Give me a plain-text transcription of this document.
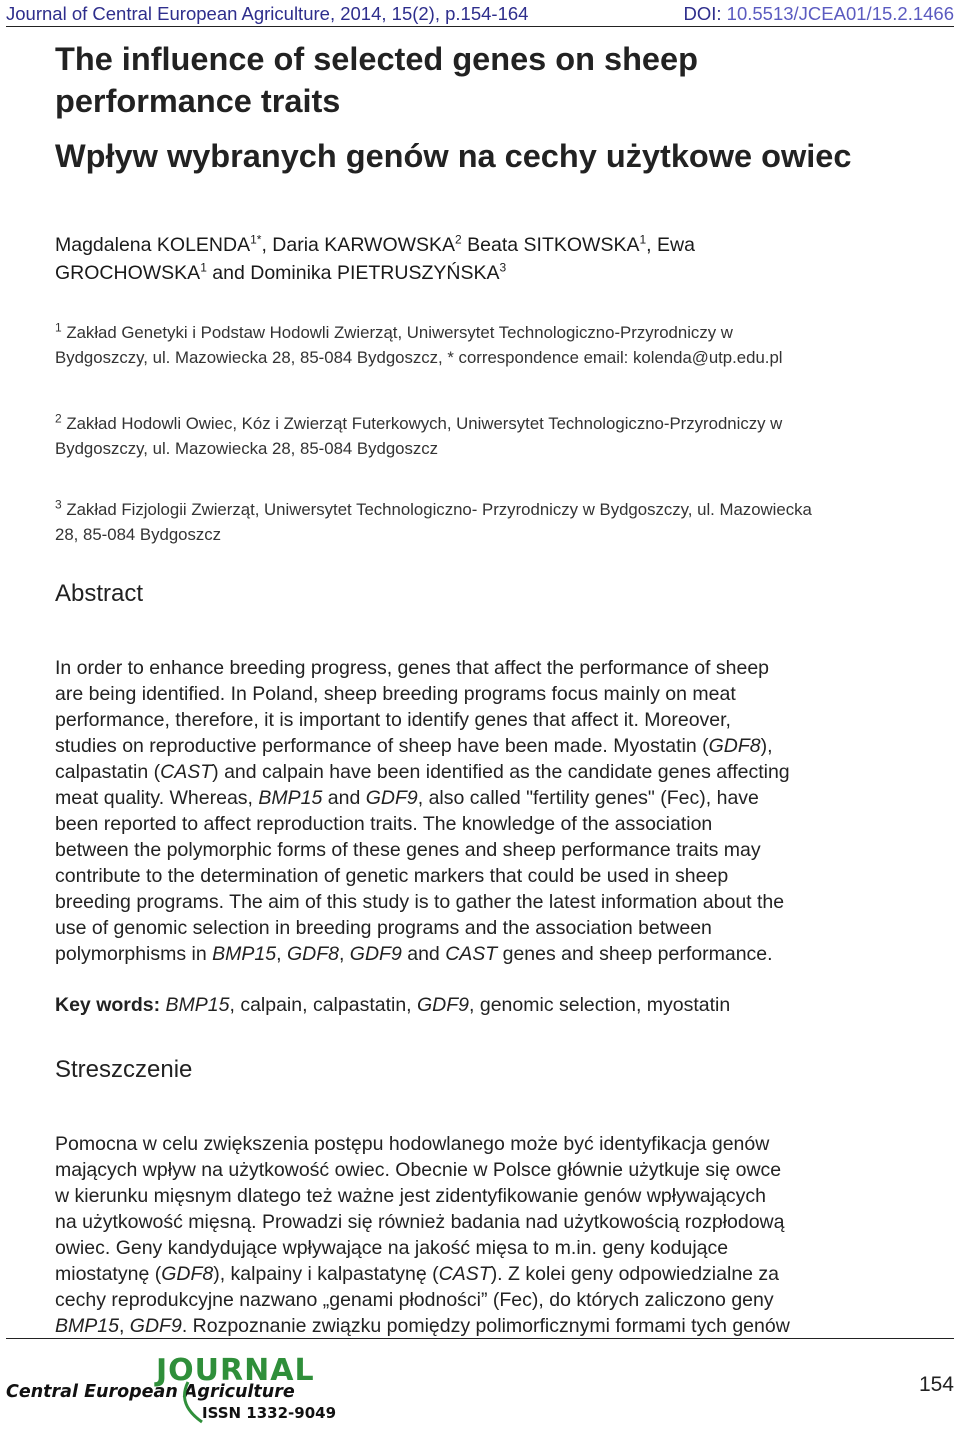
Journal of Central European Agriculture, 2014, 15(2), p.154-164	DOI: 10.5513/JCEA01/15.2.1466
The influence of selected genes on sheep
performance traits
Wpływ wybranych genów na cechy użytkowe owiec
Magdalena $KOLENDA^{1*}$, Daria KARWOWSKA$^2$ Beata SITKOWSKA$^1$, Ewa
GROCHOWSKA$^1$ and Dominika PIETRUSZYŃSKA$^3$
$^1$ Zakład Genetyki i Podstaw Hodowli Zwierząt, Uniwersytet Technologiczno-Przyrodniczy w
Bydgoszczy, ul. Mazowiecka 28, 85-084 Bydgoszcz, * correspondence email: kolenda@utp.edu.pl
$^2$ Zakład Hodowli Owiec, Kóz i Zwierząt Futerkowych, Uniwersytet Technologiczno-Przyrodniczy w
Bydgoszczy, ul. Mazowiecka 28, 85-084 Bydgoszcz
$^3$ Zakład Fizjologii Zwierząt, Uniwersytet Technologiczno- Przyrodniczy w Bydgoszczy, ul. Mazowiecka
28, 85-084 Bydgoszcz
Abstract
In order to enhance breeding progress, genes that affect the performance of sheep
are being identified. In Poland, sheep breeding programs focus mainly on meat
performance, therefore, it is important to identify genes that affect it. Moreover,
studies on reproductive performance of sheep have been made. Myostatin (GDF8),
calpastatin (CAST) and calpain have been identified as the candidate genes affecting
meat quality. Whereas, BMP15 and GDF9, also called "fertility genes" (Fec), have
been reported to affect reproduction traits. The knowledge of the association
between the polymorphic forms of these genes and sheep performance traits may
contribute to the determination of genetic markers that could be used in sheep
breeding programs. The aim of this study is to gather the latest information about the
use of genomic selection in breeding programs and the association between
polymorphisms in BMP15, GDF8, GDF9 and CAST genes and sheep performance.
Key words: BMP15, calpain, calpastatin, GDF9, genomic selection, myostatin
Streszczenie
Pomocna w celu zwiększenia postępu hodowlanego może być identyfikacja genów
mających wpływ na użytkowość owiec. Obecnie w Polsce głównie użytkuje się owce
w kierunku mięsnym dlatego też ważne jest zidentyfikowanie genów wpływających
na użytkowość mięsną. Prowadzi się również badania nad użytkowością rozpłodową
owiec. Geny kandydujące wpływające na jakość mięsa to m.in. geny kodujące
miostatynę (GDF8), kalpainy i kalpastatynę (CAST). Z kolei geny odpowiedzialne za
cechy reprodukcyjne nazwano „genami płodności” (Fec), do których zaliczono geny
BMP15, GDF9. Rozpoznanie związku pomiędzy polimorficznymi formami tych genów
JOURNAL
Central European Agriculture
ISSN 1332-9049
154
